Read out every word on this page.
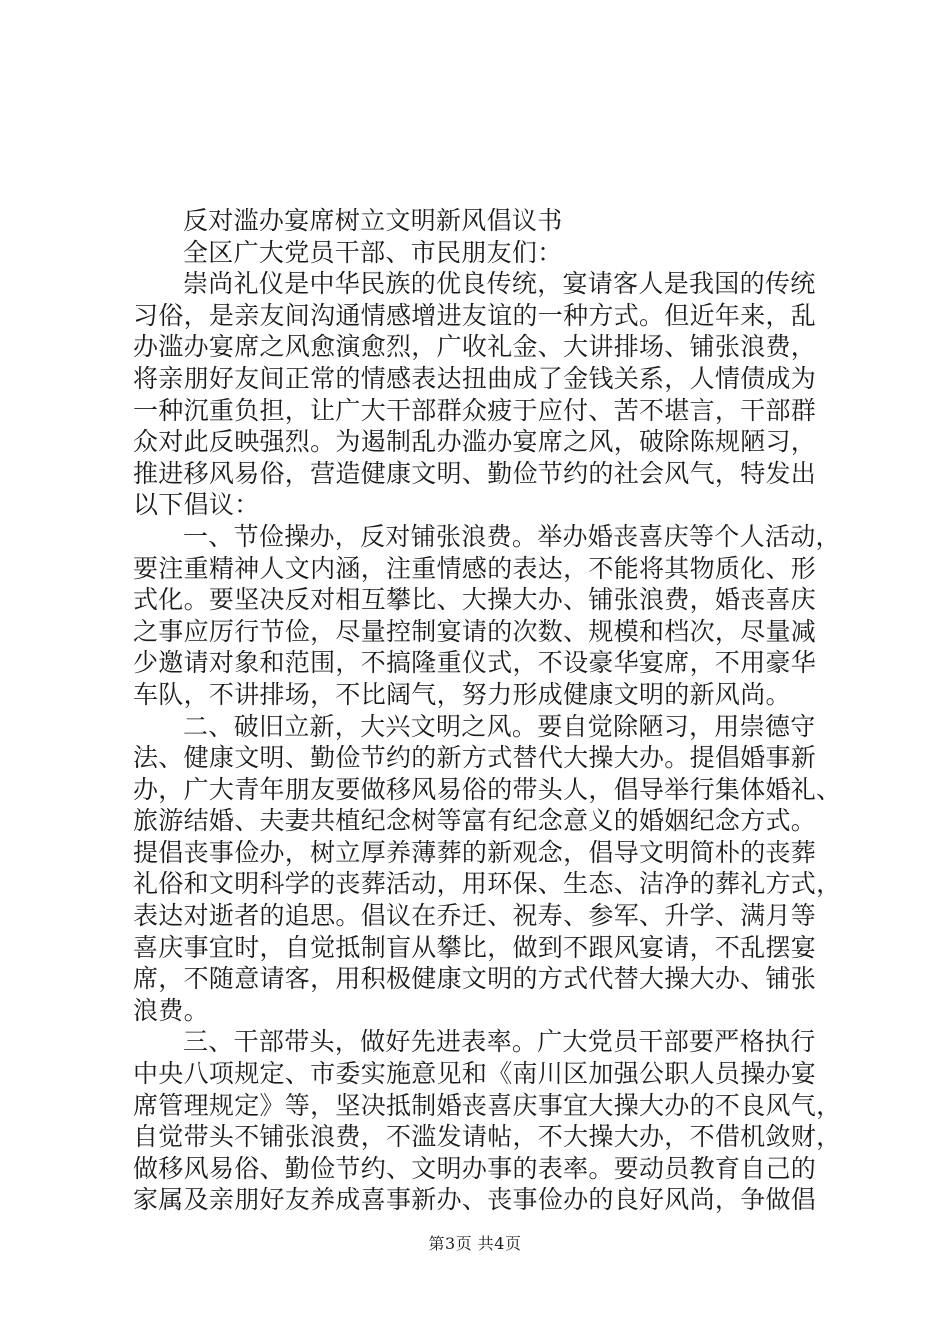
反对滥办宴席树立文明新风倡议书
全区广大党员干部、市民朋友们：
崇尚礼仪是中华民族的优良传统，宴请客人是我国的传统
习俗，是亲友间沟通情感增进友谊的一种方式。但近年来，乱
办滥办宴席之风愈演愈烈，广收礼金、大讲排场、铺张浪费，
将亲朋好友间正常的情感表达扭曲成了金钱关系，人情债成为
一种沉重负担，让广大干部群众疲于应付、苦不堪言，干部群
众对此反映强烈。为遏制乱办滥办宴席之风，破除陈规陋习，
推进移风易俗，营造健康文明、勤俭节约的社会风气，特发出
以下倡议：
一、节俭操办，反对铺张浪费。举办婚丧喜庆等个人活动，
要注重精神人文内涵，注重情感的表达，不能将其物质化、形
式化。要坚决反对相互攀比、大操大办、铺张浪费，婚丧喜庆
之事应厉行节俭，尽量控制宴请的次数、规模和档次，尽量减
少邀请对象和范围，不搞隆重仪式，不设豪华宴席，不用豪华
车队，不讲排场，不比阔气，努力形成健康文明的新风尚。
二、破旧立新，大兴文明之风。要自觉除陋习，用崇德守
法、健康文明、勤俭节约的新方式替代大操大办。提倡婚事新
办，广大青年朋友要做移风易俗的带头人，倡导举行集体婚礼、
旅游结婚、夫妻共植纪念树等富有纪念意义的婚姻纪念方式。
提倡丧事俭办，树立厚养薄葬的新观念，倡导文明简朴的丧葬
礼俗和文明科学的丧葬活动，用环保、生态、洁净的葬礼方式，
表达对逝者的追思。倡议在乔迁、祝寿、参军、升学、满月等
喜庆事宜时，自觉抵制盲从攀比，做到不跟风宴请，不乱摆宴
席，不随意请客，用积极健康文明的方式代替大操大办、铺张
浪费。
三、干部带头，做好先进表率。广大党员干部要严格执行
中央八项规定、市委实施意见和《南川区加强公职人员操办宴
席管理规定》等，坚决抵制婚丧喜庆事宜大操大办的不良风气，
自觉带头不铺张浪费，不滥发请帖，不大操大办，不借机敛财，
做移风易俗、勤俭节约、文明办事的表率。要动员教育自己的
家属及亲朋好友养成喜事新办、丧事俭办的良好风尚，争做倡
第3页 共4页
